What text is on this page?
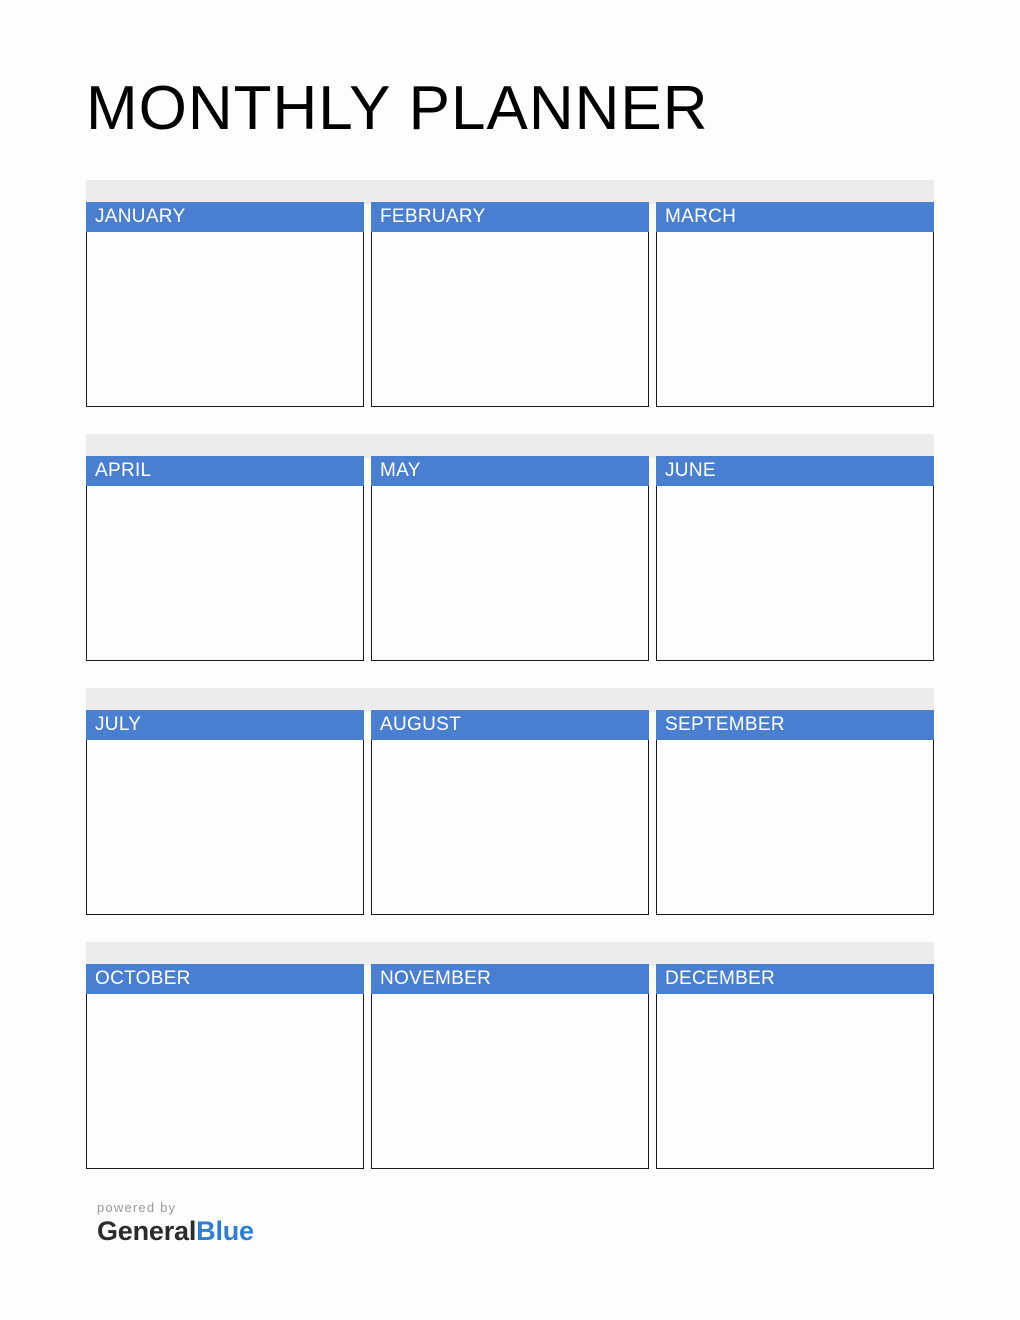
MONTHLY PLANNER
JANUARY	FEBRUARY	MARCH
APRIL	MAY	JUNE
JULY	AUGUST	SEPTEMBER
OCTOBER	NOVEMBER	DECEMBER
powered by
GeneralBlue
